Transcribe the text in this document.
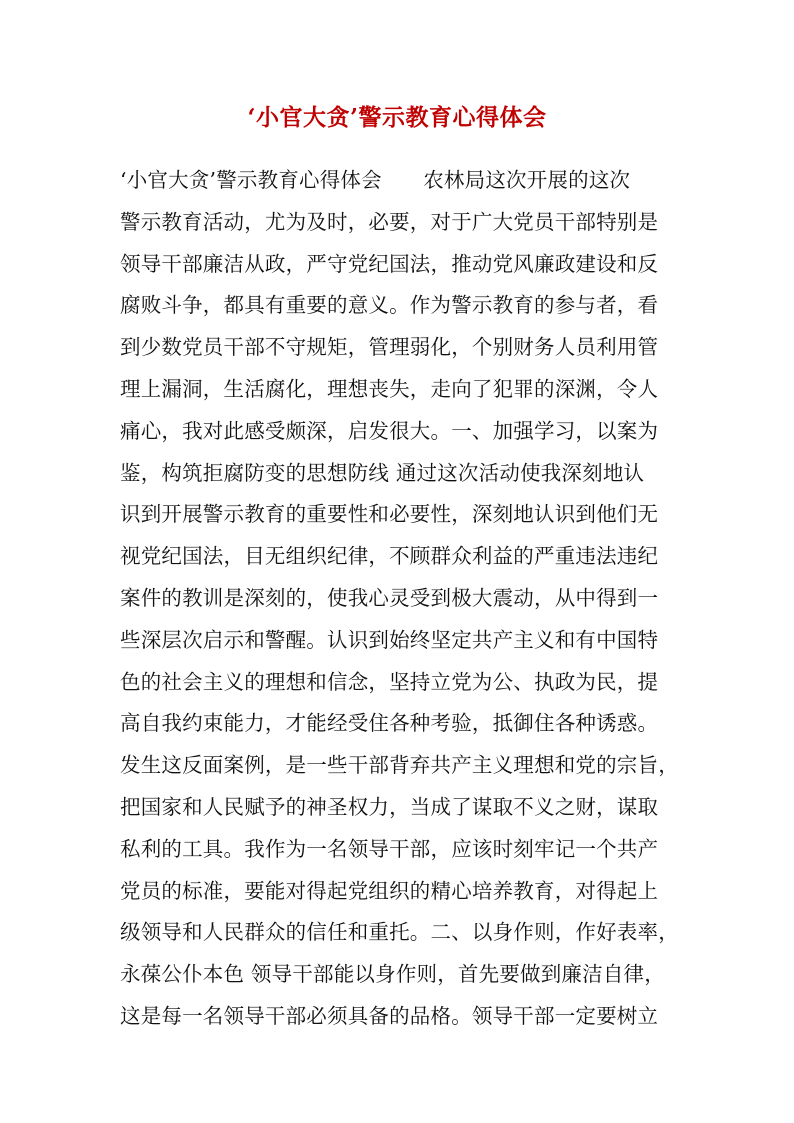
‘小官大贪’警示教育心得体会
‘小官大贪’警示教育心得体会　　农林局这次开展的这次
警示教育活动，尤为及时，必要，对于广大党员干部特别是
领导干部廉洁从政，严守党纪国法，推动党风廉政建设和反
腐败斗争，都具有重要的意义。作为警示教育的参与者，看
到少数党员干部不守规矩，管理弱化，个别财务人员利用管
理上漏洞，生活腐化，理想丧失，走向了犯罪的深渊，令人
痛心，我对此感受颇深，启发很大。一、加强学习，以案为
鉴，构筑拒腐防变的思想防线 通过这次活动使我深刻地认
识到开展警示教育的重要性和必要性，深刻地认识到他们无
视党纪国法，目无组织纪律，不顾群众利益的严重违法违纪
案件的教训是深刻的，使我心灵受到极大震动，从中得到一
些深层次启示和警醒。认识到始终坚定共产主义和有中国特
色的社会主义的理想和信念，坚持立党为公、执政为民，提
高自我约束能力，才能经受住各种考验，抵御住各种诱惑。
发生这反面案例，是一些干部背弃共产主义理想和党的宗旨，
把国家和人民赋予的神圣权力，当成了谋取不义之财，谋取
私利的工具。我作为一名领导干部，应该时刻牢记一个共产
党员的标准，要能对得起党组织的精心培养教育，对得起上
级领导和人民群众的信任和重托。二、以身作则，作好表率，
永葆公仆本色 领导干部能以身作则，首先要做到廉洁自律，
这是每一名领导干部必须具备的品格。领导干部一定要树立
